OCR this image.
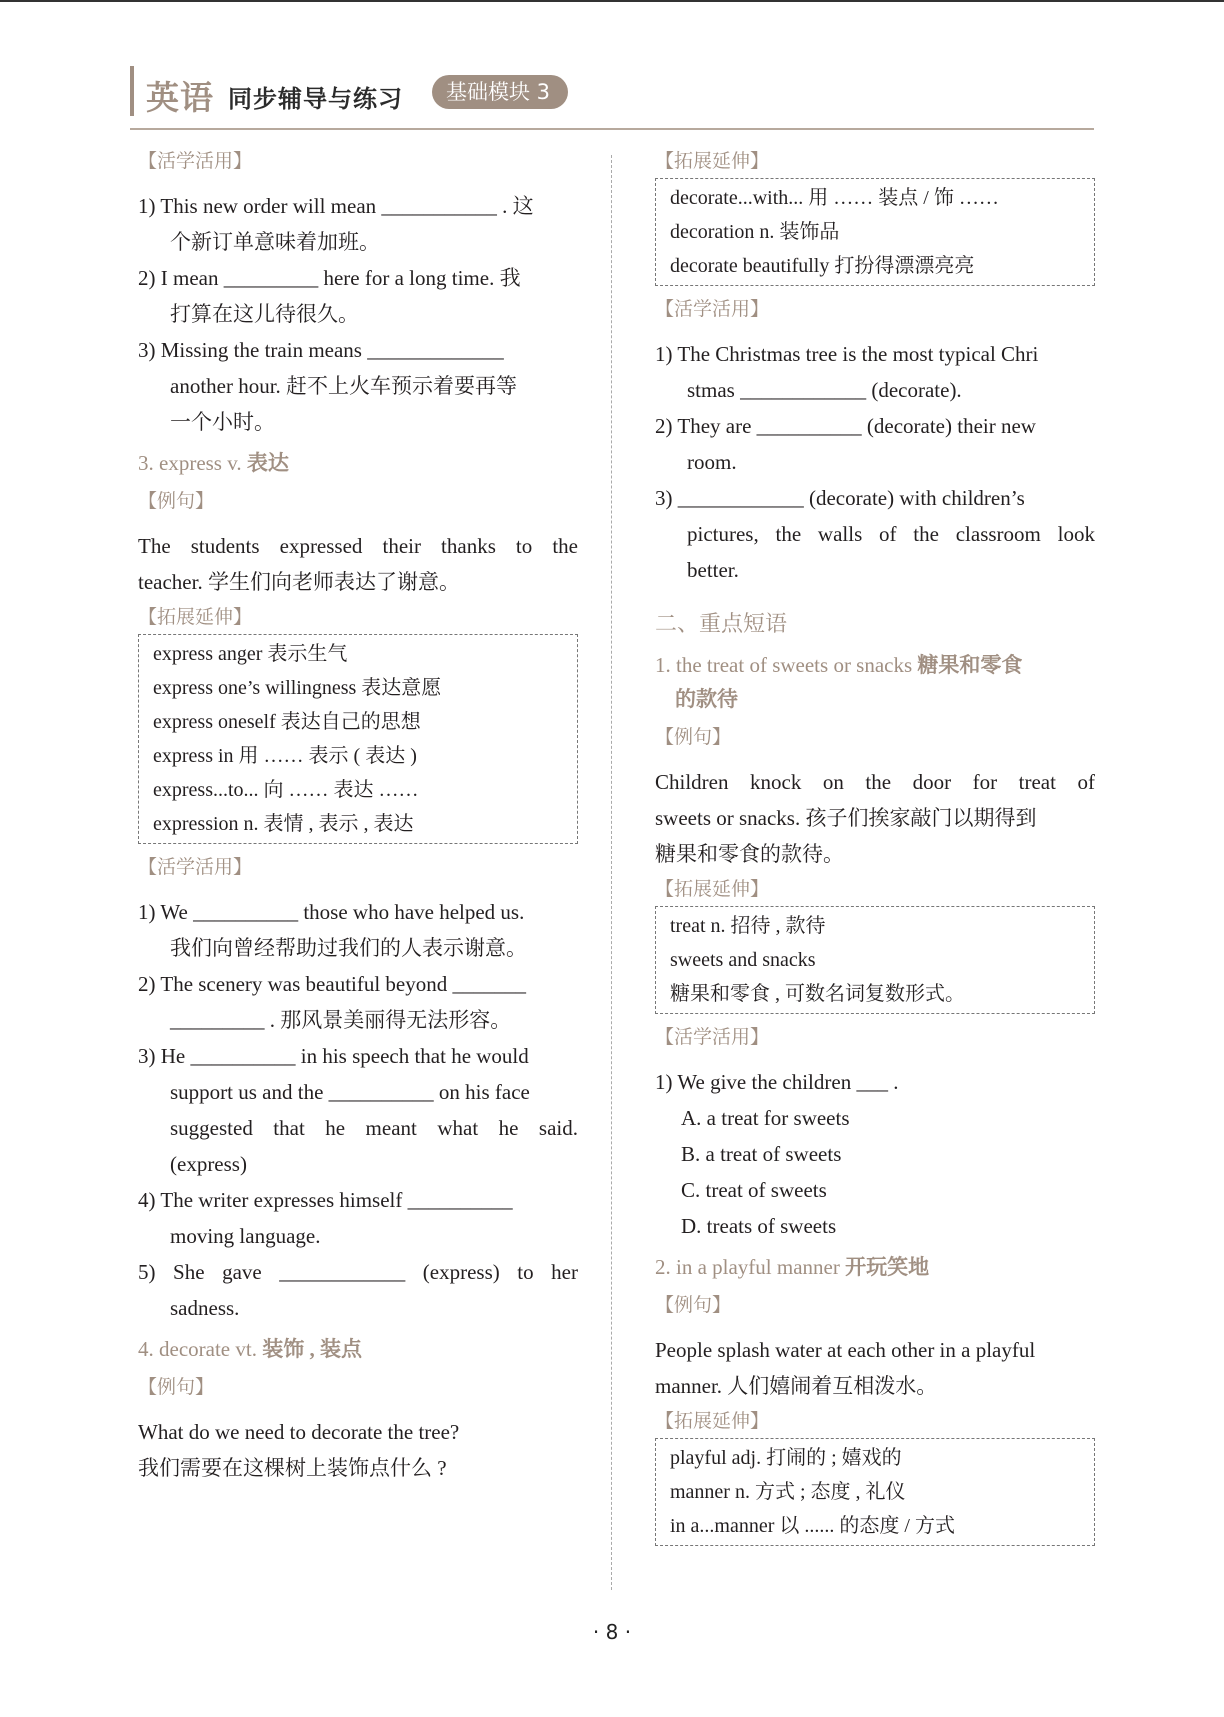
英语 同步辅导与练习	基础模块 3
【活学活用】

1) This new order will mean ___________ . 这

个新订单意味着加班。

2) I mean _________ here for a long time. 我

打算在这儿待很久。

3) Missing the train means _____________

another hour. 赶不上火车预示着要再等

一个小时。

3. express v. 表达
【例句】

The students expressed their thanks to the

teacher. 学生们向老师表达了谢意。

【拓展延伸】

express anger 表示生气

express one’s willingness 表达意愿

express oneself 表达自己的思想

express in 用 …… 表示 ( 表达 )

express...to... 向 …… 表达 ……

expression n. 表情 , 表示 , 表达

【活学活用】

1) We __________ those who have helped us.

我们向曾经帮助过我们的人表示谢意。

2) The scenery was beautiful beyond _______

_________ . 那风景美丽得无法形容。

3) He __________ in his speech that he would

support us and the __________ on his face

suggested that he meant what he said.

(express)

4) The writer expresses himself __________

moving language.

5) She gave ____________ (express) to her

sadness.

4. decorate vt. 装饰 , 装点
【例句】

What do we need to decorate the tree?

我们需要在这棵树上装饰点什么 ?

【拓展延伸】

decorate...with... 用 …… 装点 / 饰 ……

decoration n. 装饰品

decorate beautifully 打扮得漂漂亮亮

【活学活用】

1) The Christmas tree is the most typical Chri

stmas ____________ (decorate).

2) They are __________ (decorate) their new

room.

3) ____________ (decorate) with children’s

pictures, the walls of the classroom look

better.

二、重点短语
1. the treat of sweets or snacks 糖果和零食
的款待
【例句】

Children knock on the door for treat of

sweets or snacks. 孩子们挨家敲门以期得到

糖果和零食的款待。

【拓展延伸】

treat n. 招待 , 款待

sweets and snacks

糖果和零食 , 可数名词复数形式。

【活学活用】

1) We give the children ___ .

A. a treat for sweets

B. a treat of sweets

C. treat of sweets

D. treats of sweets

2. in a playful manner 开玩笑地
【例句】

People splash water at each other in a playful

manner. 人们嬉闹着互相泼水。

【拓展延伸】

playful adj. 打闹的 ; 嬉戏的

manner n. 方式 ; 态度 , 礼仪

in a...manner 以 ...... 的态度 / 方式

· 8 ·
